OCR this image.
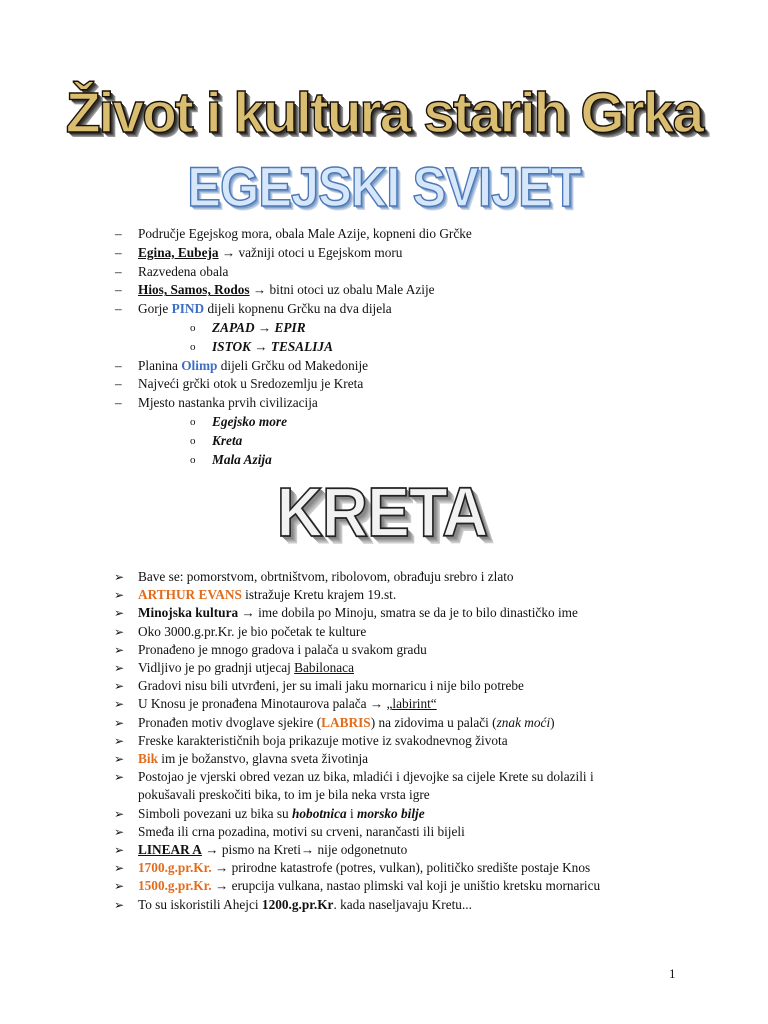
Život i kultura starih Grka
EGEJSKI SVIJET
– Područje Egejskog mora, obala Male Azije, kopneni dio Grčke
– Egina, Eubeja → važniji otoci u Egejskom moru
– Razvedena obala
– Hios, Samos, Rodos → bitni otoci uz obalu Male Azije
– Gorje PIND dijeli kopnenu Grčku na dva dijela
o ZAPAD → EPIR
o ISTOK → TESALIJA
– Planina Olimp dijeli Grčku od Makedonije
– Najveći grčki otok u Sredozemlju je Kreta
– Mjesto nastanka prvih civilizacija
o Egejsko more
o Kreta
o Mala Azija
KRETA
➢ Bave se: pomorstvom, obrtništvom, ribolovom, obrađuju srebro i zlato
➢ ARTHUR EVANS istražuje Kretu krajem 19.st.
➢ Minojska kultura → ime dobila po Minoju, smatra se da je to bilo dinastičko ime
➢ Oko 3000.g.pr.Kr. je bio početak te kulture
➢ Pronađeno je mnogo gradova i palača u svakom gradu
➢ Vidljivo je po gradnji utjecaj Babilonaca
➢ Gradovi nisu bili utvrđeni, jer su imali jaku mornaricu i nije bilo potrebe
➢ U Knosu je pronađena Minotaurova palača → „labirint“
➢ Pronađen motiv dvoglave sjekire (LABRIS) na zidovima u palači (znak moći)
➢ Freske karakterističnih boja prikazuje motive iz svakodnevnog života
➢ Bik im je božanstvo, glavna sveta životinja
➢ Postojao je vjerski obred vezan uz bika, mladići i djevojke sa cijele Krete su dolazili i pokušavali preskočiti bika, to im je bila neka vrsta igre
➢ Simboli povezani uz bika su hobotnica i morsko bilje
➢ Smeđa ili crna pozadina, motivi su crveni, narančasti ili bijeli
➢ LINEAR A → pismo na Kreti→ nije odgonetnuto
➢ 1700.g.pr.Kr. → prirodne katastrofe (potres, vulkan), političko središte postaje Knos
➢ 1500.g.pr.Kr. → erupcija vulkana, nastao plimski val koji je uništio kretsku mornaricu
➢ To su iskoristili Ahejci 1200.g.pr.Kr. kada naseljavaju Kretu...
1
